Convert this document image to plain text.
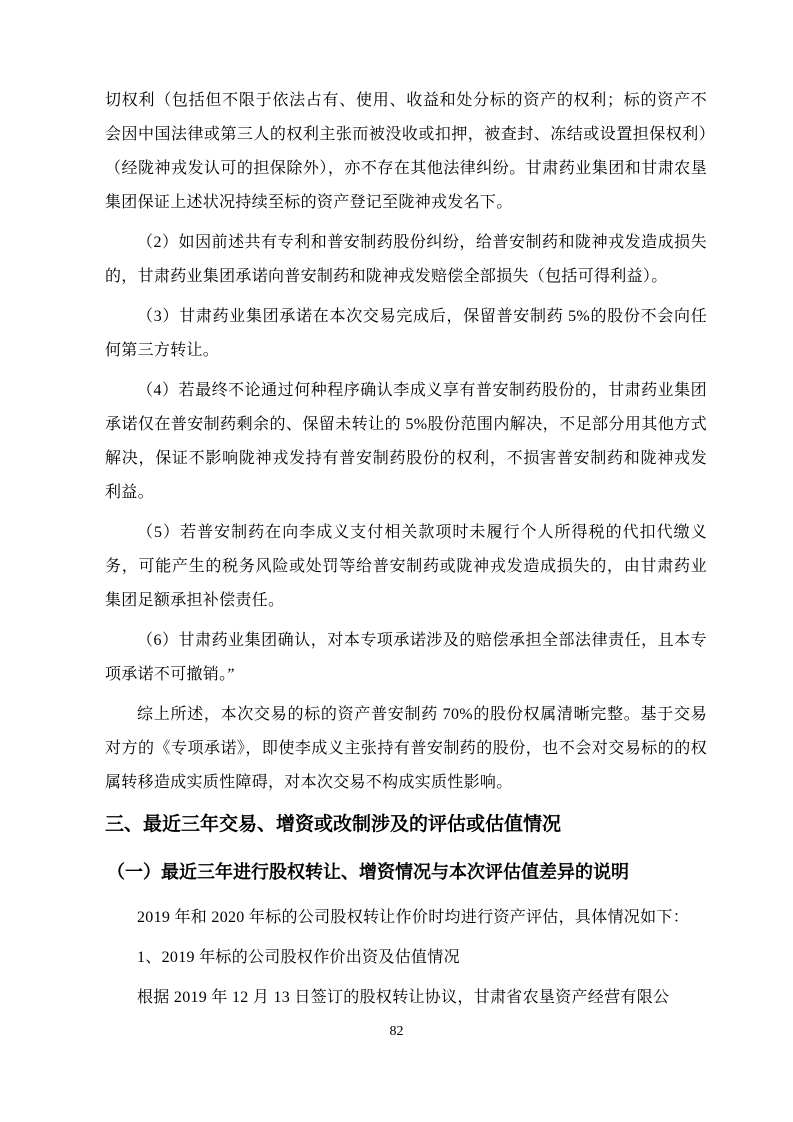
切权利（包括但不限于依法占有、使用、收益和处分标的资产的权利；标的资产不会因中国法律或第三人的权利主张而被没收或扣押，被查封、冻结或设置担保权利）（经陇神戎发认可的担保除外），亦不存在其他法律纠纷。甘肃药业集团和甘肃农垦集团保证上述状况持续至标的资产登记至陇神戎发名下。

（2）如因前述共有专利和普安制药股份纠纷，给普安制药和陇神戎发造成损失的，甘肃药业集团承诺向普安制药和陇神戎发赔偿全部损失（包括可得利益）。

（3）甘肃药业集团承诺在本次交易完成后，保留普安制药 5%的股份不会向任何第三方转让。

（4）若最终不论通过何种程序确认李成义享有普安制药股份的，甘肃药业集团承诺仅在普安制药剩余的、保留未转让的 5%股份范围内解决，不足部分用其他方式解决，保证不影响陇神戎发持有普安制药股份的权利，不损害普安制药和陇神戎发利益。

（5）若普安制药在向李成义支付相关款项时未履行个人所得税的代扣代缴义务，可能产生的税务风险或处罚等给普安制药或陇神戎发造成损失的，由甘肃药业集团足额承担补偿责任。

（6）甘肃药业集团确认，对本专项承诺涉及的赔偿承担全部法律责任，且本专项承诺不可撤销。”

综上所述，本次交易的标的资产普安制药 70%的股份权属清晰完整。基于交易对方的《专项承诺》，即使李成义主张持有普安制药的股份，也不会对交易标的的权属转移造成实质性障碍，对本次交易不构成实质性影响。

三、最近三年交易、增资或改制涉及的评估或估值情况
（一）最近三年进行股权转让、增资情况与本次评估值差异的说明

2019 年和 2020 年标的公司股权转让作价时均进行资产评估，具体情况如下：

1、2019 年标的公司股权作价出资及估值情况

根据 2019 年 12 月 13 日签订的股权转让协议，甘肃省农垦资产经营有限公

82
